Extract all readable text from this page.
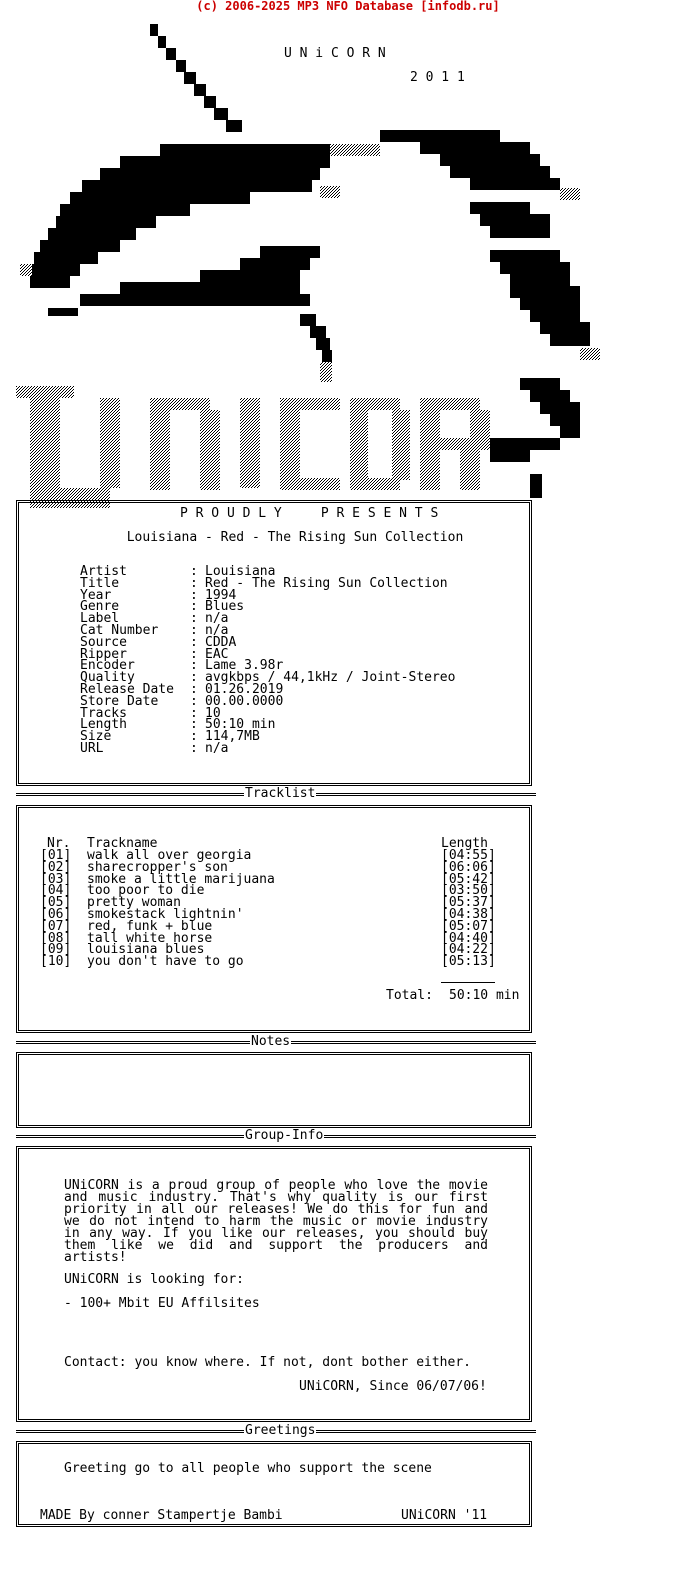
(c) 2006-2025 MP3 NFO Database [infodb.ru]
U N i C O R N
2 0 1 1
P R O U D L Y     P R E S E N T S
Louisiana - Red - The Rising Sun Collection
Artist	: Louisiana
Title	: Red - The Rising Sun Collection
Year	: 1994
Genre	: Blues
Label	: n/a
Cat Number : n/a
Source	: CDDA
Ripper	: EAC
Encoder	: Lame 3.98r
Quality	: avgkbps / 44,1kHz / Joint-Stereo
Release Date : 01.26.2019
Store Date : 00.00.0000
Tracks	: 10
Length	: 50:10 min
Size	: 114,7MB
URL	: n/a
Tracklist
Nr. Trackname	Length
[01] walk all over georgia	[04:55]
[02] sharecropper's son	[06:06]
[03] smoke a little marijuana	[05:42]
[04] too poor to die	[03:50]
[05] pretty woman	[05:37]
[06] smokestack lightnin'	[04:38]
[07] red, funk + blue	[05:07]
[08] tall white horse	[04:40]
[09] louisiana blues	[04:22]
[10] you don't have to go	[05:13]
Total: 50:10 min
Notes
Group-Info
UNiCORN is a proud group of people who love the movie and music industry. That's why quality is our first priority in all our releases! We do this for fun and we do not intend to harm the music or movie industry in any way. If you like our releases, you should buy them like we did and support the producers and artists!
UNiCORN is looking for:
- 100+ Mbit EU Affilsites
Contact: you know where. If not, dont bother either.
UNiCORN, Since 06/07/06!
Greetings
Greeting go to all people who support the scene
MADE By conner Stampertje Bambi	UNiCORN '11
